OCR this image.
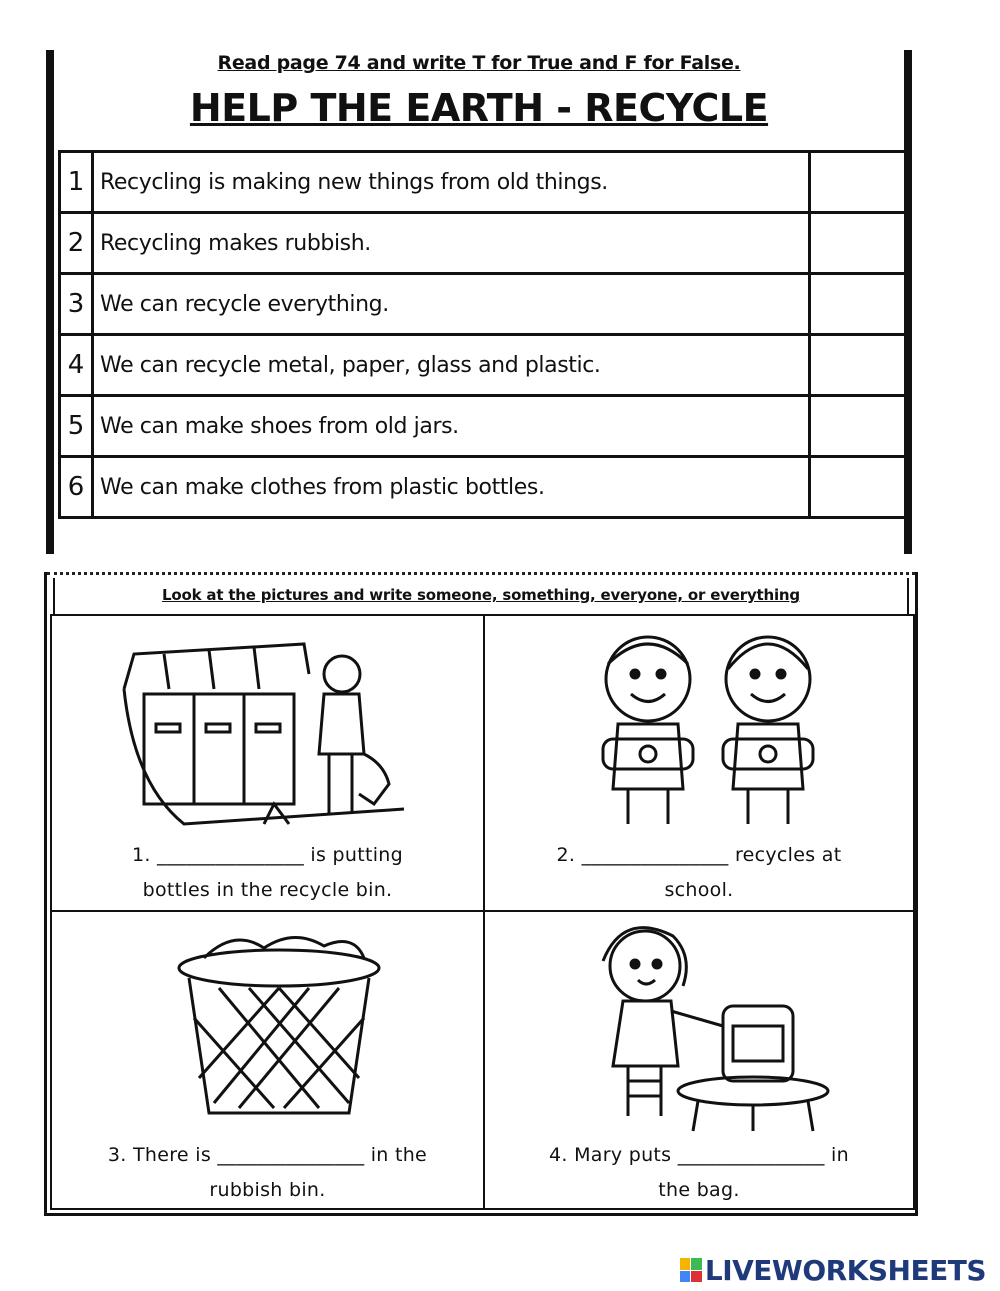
Read page 74 and write T for True and F for False.
HELP THE EARTH - RECYCLE
1	Recycling is making new things from old things.	
2	Recycling makes rubbish.	
3	We can recycle everything.	
4	We can recycle metal, paper, glass and plastic.	
5	We can make shoes from old jars.	
6	We can make clothes from plastic bottles.	
Look at the pictures and write someone, something, everyone, or everything
1. _______________ is putting
bottles in the recycle bin.
2. _______________ recycles at
school.
3. There is _______________ in the
rubbish bin.
4. Mary puts _______________ in
the bag.
LIVEWORKSHEETS
